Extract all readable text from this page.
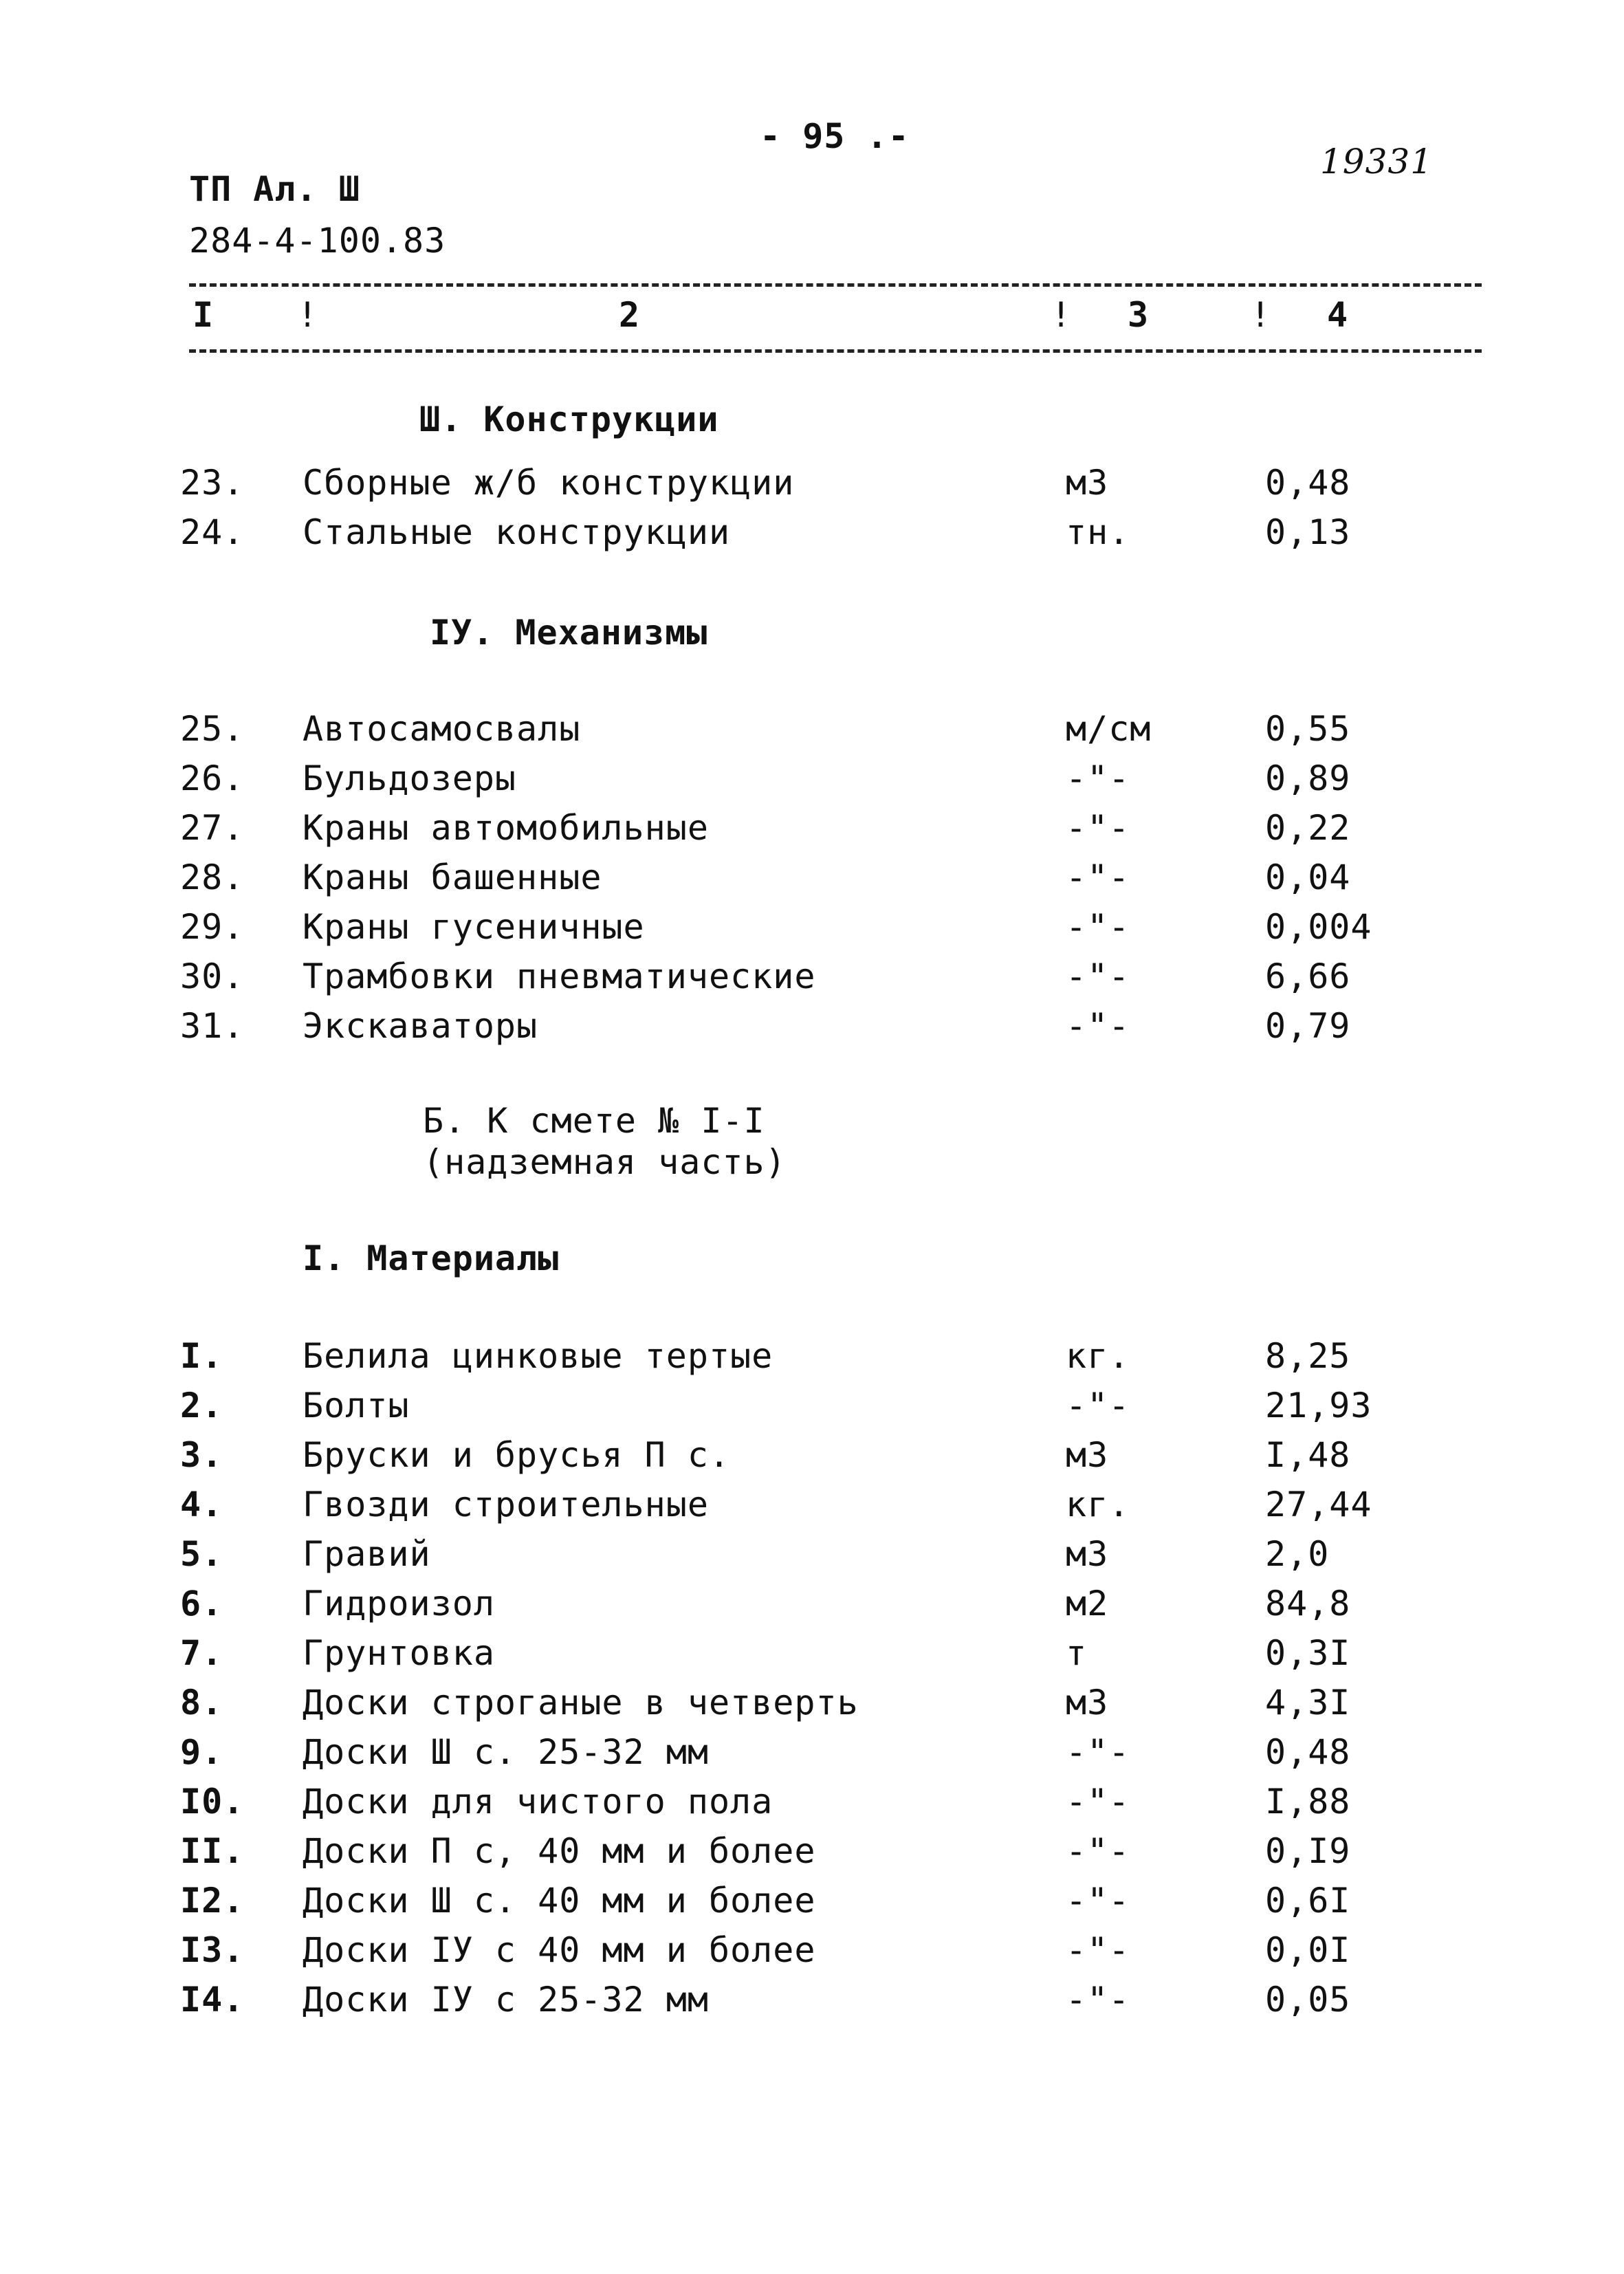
- 95 .-
19331
ТП Ал. Ш
284-4-100.83
I !	2	! 3	! 4
Ш. Конструкции
23. Сборные ж/б конструкции	м3	0,48
24. Стальные конструкции	тн.	0,13
IУ. Механизмы
25. Автосамосвалы	м/см	0,55
26. Бульдозеры	-"-	0,89
27. Краны автомобильные	-"-	0,22
28. Краны башенные	-"-	0,04
29. Краны гусеничные	-"-	0,004
30. Трамбовки пневматические	-"-	6,66
31. Экскаваторы	-"-	0,79
Б. К смете № I-I
(надземная часть)
I. Материалы
I. Белила цинковые тертые	кг.	8,25
2. Болты	-"-	21,93
3. Бруски и брусья П с.	м3	I,48
4. Гвозди строительные	кг.	27,44
5. Гравий	м3	2,0
6. Гидроизол	м2	84,8
7. Грунтовка	т	0,3I
8. Доски строганые в четверть	м3	4,3I
9. Доски Ш с. 25-32 мм	-"-	0,48
I0. Доски для чистого пола	-"-	I,88
II. Доски П с, 40 мм и более	-"-	0,I9
I2. Доски Ш с. 40 мм и более	-"-	0,6I
I3. Доски IУ с 40 мм и более	-"-	0,0I
I4. Доски IУ с 25-32 мм	-"-	0,05
